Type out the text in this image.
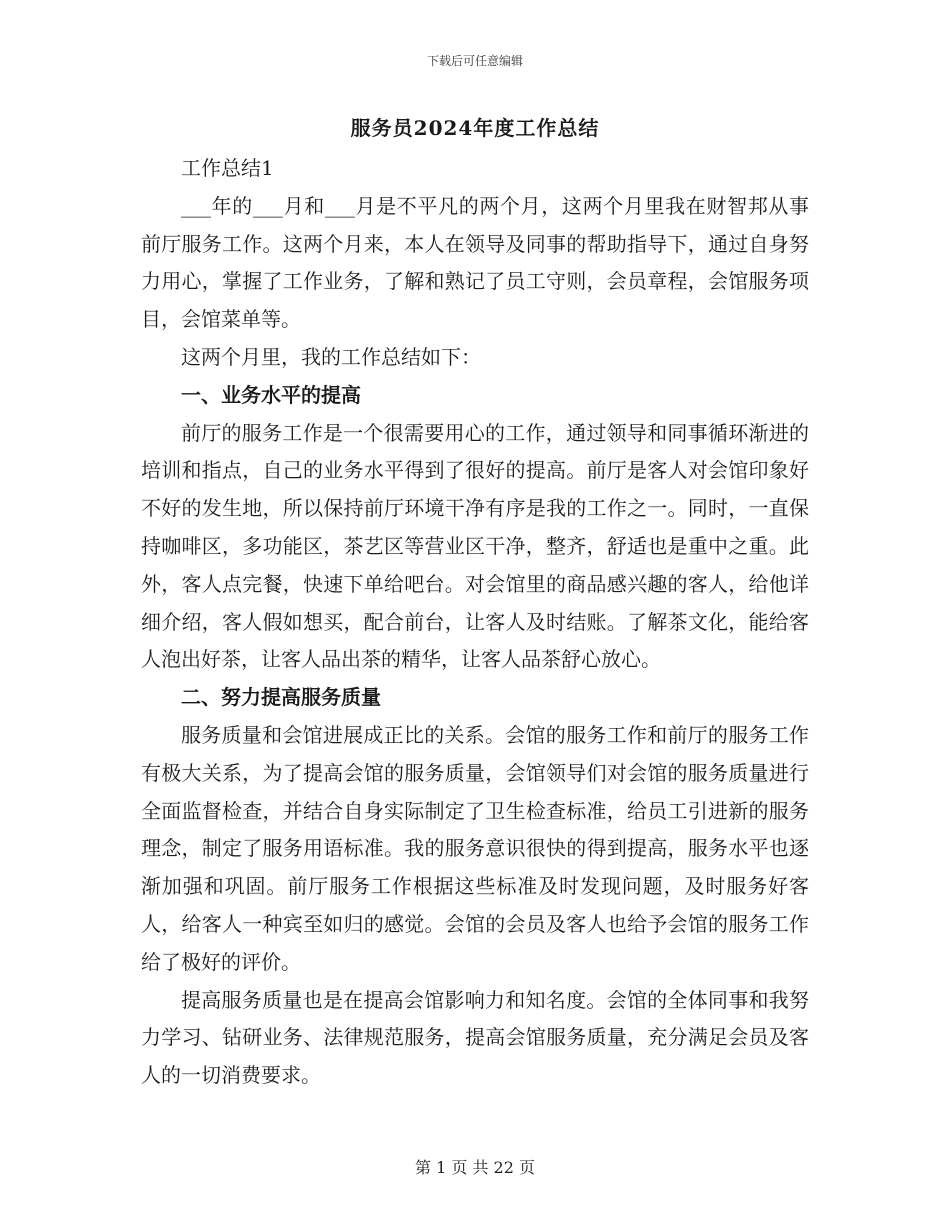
下载后可任意编辑
服务员2024年度工作总结

工作总结1

___年的___月和___月是不平凡的两个月，这两个月里我在财智邦从事前厅服务工作。这两个月来，本人在领导及同事的帮助指导下，通过自身努力用心，掌握了工作业务，了解和熟记了员工守则，会员章程，会馆服务项目，会馆菜单等。

这两个月里，我的工作总结如下：

一、业务水平的提高

前厅的服务工作是一个很需要用心的工作，通过领导和同事循环渐进的培训和指点，自己的业务水平得到了很好的提高。前厅是客人对会馆印象好不好的发生地，所以保持前厅环境干净有序是我的工作之一。同时，一直保持咖啡区，多功能区，茶艺区等营业区干净，整齐，舒适也是重中之重。此外，客人点完餐，快速下单给吧台。对会馆里的商品感兴趣的客人，给他详细介绍，客人假如想买，配合前台，让客人及时结账。了解茶文化，能给客人泡出好茶，让客人品出茶的精华，让客人品茶舒心放心。

二、努力提高服务质量

服务质量和会馆进展成正比的关系。会馆的服务工作和前厅的服务工作有极大关系，为了提高会馆的服务质量，会馆领导们对会馆的服务质量进行全面监督检查，并结合自身实际制定了卫生检查标准，给员工引进新的服务理念，制定了服务用语标准。我的服务意识很快的得到提高，服务水平也逐渐加强和巩固。前厅服务工作根据这些标准及时发现问题，及时服务好客人，给客人一种宾至如归的感觉。会馆的会员及客人也给予会馆的服务工作给了极好的评价。

提高服务质量也是在提高会馆影响力和知名度。会馆的全体同事和我努力学习、钻研业务、法律规范服务，提高会馆服务质量，充分满足会员及客人的一切消费要求。

第 1 页 共 22 页
